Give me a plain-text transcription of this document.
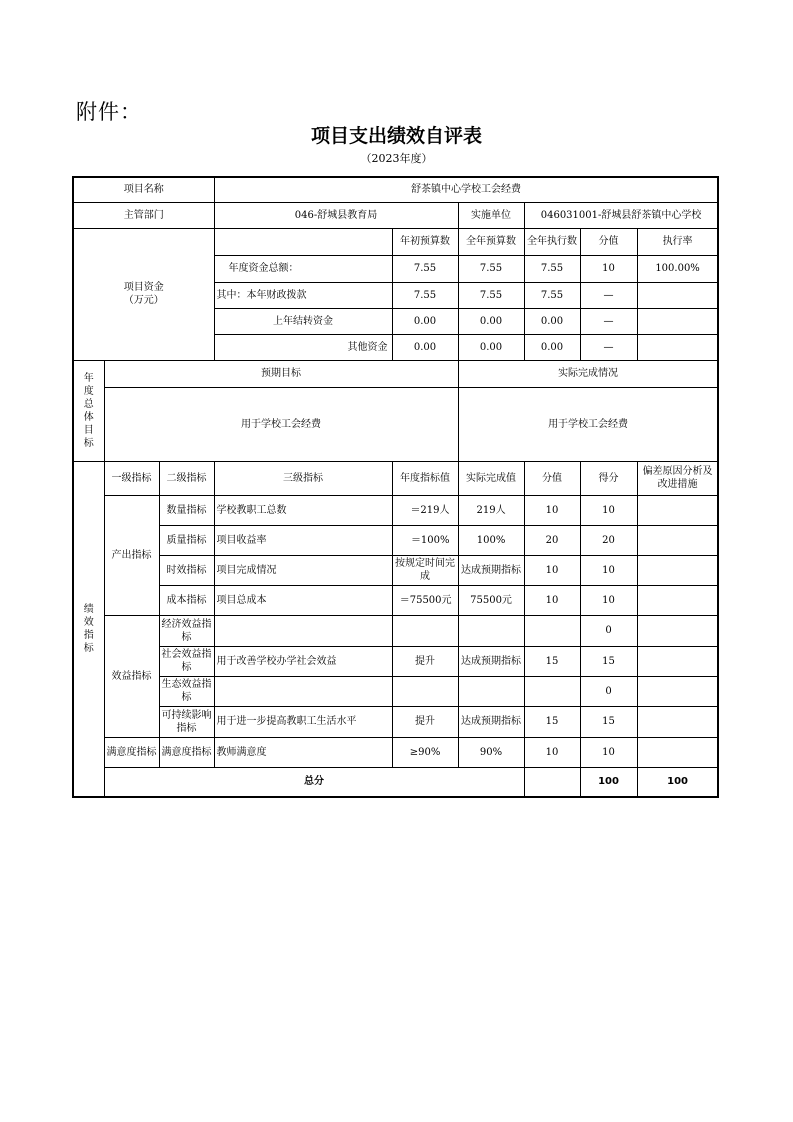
附件：
项目支出绩效自评表
（2023年度）
项目名称			舒茶镇中心学校工会经费						
主管部门			046-舒城县教育局		实施单位	046031001-舒城县舒茶镇中心学校			
项目资金
（万元）				年初预算数	全年预算数	全年执行数	分值	执行率	
			年度资金总额：	7.55	7.55	7.55	10	100.00%	
			其中：本年财政拨款	7.55	7.55	7.55	—		
			上年结转资金	0.00	0.00	0.00	—		
			其他资金	0.00	0.00	0.00	—		
年度总体目标	预期目标				实际完成情况				
	用于学校工会经费				用于学校工会经费				
绩效指标	一级指标	二级指标	三级指标	年度指标值	实际完成值	分值	得分	偏差原因分析及改进措施	
	产出指标	数量指标	学校教职工总数	＝219人	219人	10	10		
		质量指标	项目收益率	＝100%	100%	20	20		
		时效指标	项目完成情况	按规定时间完成	达成预期指标	10	10		
		成本指标	项目总成本	＝75500元	75500元	10	10		
	效益指标	经济效益指标					0		
		社会效益指标	用于改善学校办学社会效益	提升	达成预期指标	15	15		
		生态效益指标					0		
		可持续影响指标	用于进一步提高教职工生活水平	提升	达成预期指标	15	15		
	满意度指标	满意度指标	教师满意度	≥90%	90%	10	10		
	总分						100	100	
